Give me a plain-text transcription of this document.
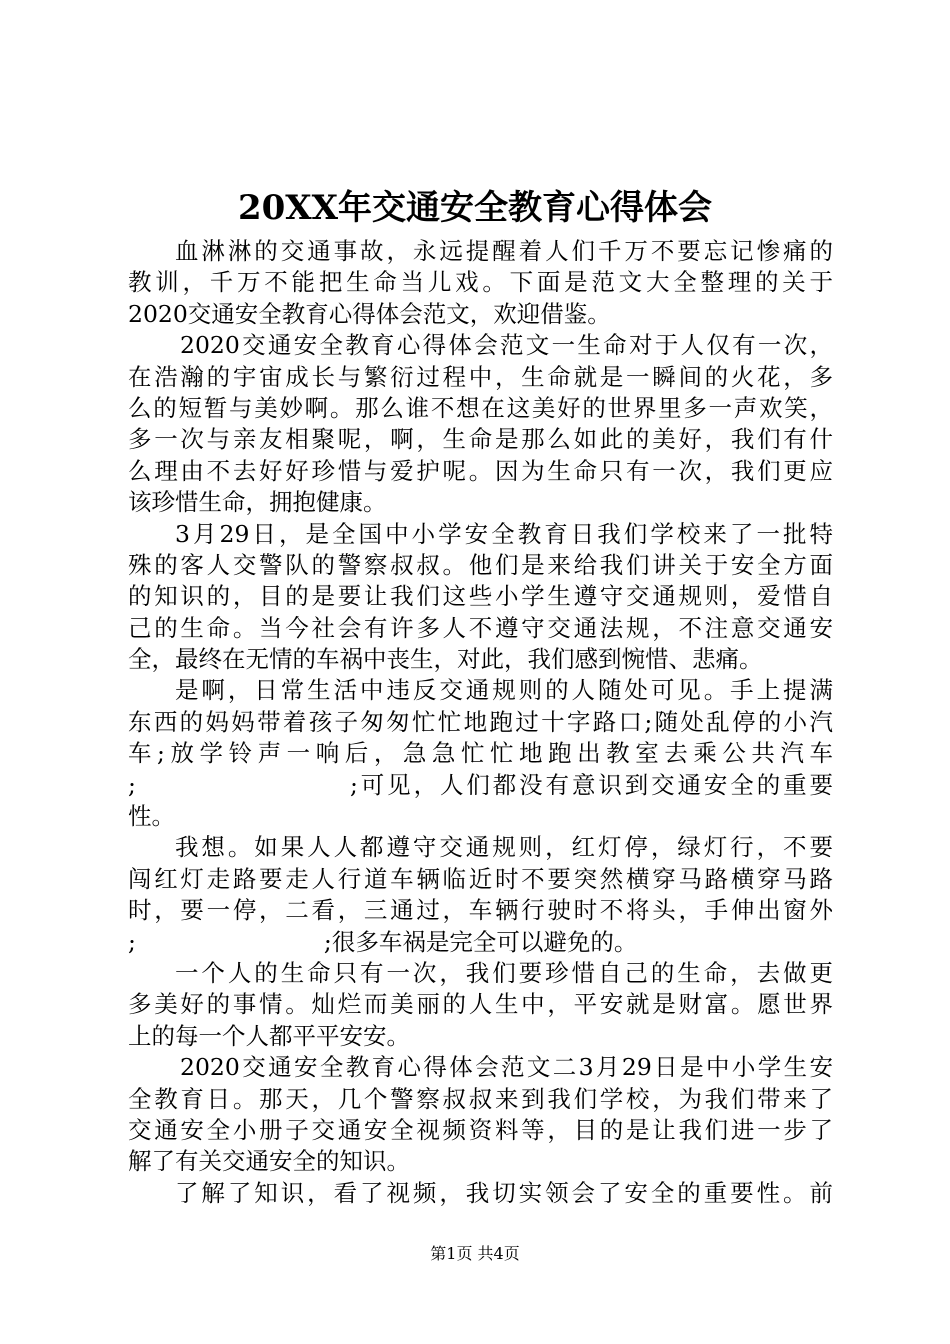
20XX年交通安全教育心得体会
血淋淋的交通事故，永远提醒着人们千万不要忘记惨痛的
教训，千万不能把生命当儿戏。下面是范文大全整理的关于
2020交通安全教育心得体会范文，欢迎借鉴。
2020交通安全教育心得体会范文一生命对于人仅有一次，
在浩瀚的宇宙成长与繁衍过程中，生命就是一瞬间的火花，多
么的短暂与美妙啊。那么谁不想在这美好的世界里多一声欢笑，
多一次与亲友相聚呢，啊，生命是那么如此的美好，我们有什
么理由不去好好珍惜与爱护呢。因为生命只有一次，我们更应
该珍惜生命，拥抱健康。
3月29日，是全国中小学安全教育日我们学校来了一批特
殊的客人交警队的警察叔叔。他们是来给我们讲关于安全方面
的知识的，目的是要让我们这些小学生遵守交通规则，爱惜自
己的生命。当今社会有许多人不遵守交通法规，不注意交通安
全，最终在无情的车祸中丧生，对此，我们感到惋惜、悲痛。
是啊，日常生活中违反交通规则的人随处可见。手上提满
东西的妈妈带着孩子匆匆忙忙地跑过十字路口;随处乱停的小汽
车;放学铃声一响后，急急忙忙地跑出教室去乘公共汽车
;　　　　　　　　;可见，人们都没有意识到交通安全的重要
性。
我想。如果人人都遵守交通规则，红灯停，绿灯行，不要
闯红灯走路要走人行道车辆临近时不要突然横穿马路横穿马路
时，要一停，二看，三通过，车辆行驶时不将头，手伸出窗外
;　　　　　　　　;很多车祸是完全可以避免的。
一个人的生命只有一次，我们要珍惜自己的生命，去做更
多美好的事情。灿烂而美丽的人生中，平安就是财富。愿世界
上的每一个人都平平安安。
2020交通安全教育心得体会范文二3月29日是中小学生安
全教育日。那天，几个警察叔叔来到我们学校，为我们带来了
交通安全小册子交通安全视频资料等，目的是让我们进一步了
解了有关交通安全的知识。
了解了知识，看了视频，我切实领会了安全的重要性。前
第1页 共4页
